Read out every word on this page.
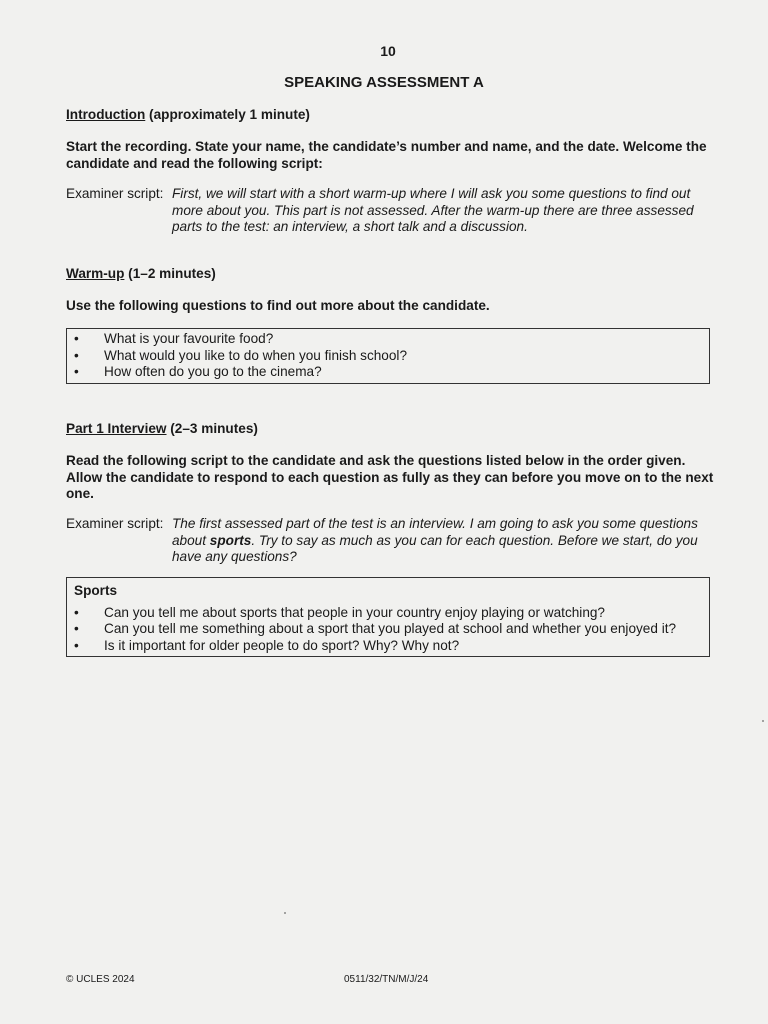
10
SPEAKING ASSESSMENT A
Introduction (approximately 1 minute)
Start the recording. State your name, the candidate’s number and name, and the date. Welcome the candidate and read the following script:
Examiner script: First, we will start with a short warm-up where I will ask you some questions to find out more about you. This part is not assessed. After the warm-up there are three assessed parts to the test: an interview, a short talk and a discussion.
Warm-up (1–2 minutes)
Use the following questions to find out more about the candidate.
• What is your favourite food?
• What would you like to do when you finish school?
• How often do you go to the cinema?
Part 1 Interview (2–3 minutes)
Read the following script to the candidate and ask the questions listed below in the order given. Allow the candidate to respond to each question as fully as they can before you move on to the next one.
Examiner script: The first assessed part of the test is an interview. I am going to ask you some questions about sports. Try to say as much as you can for each question. Before we start, do you have any questions?
Sports
• Can you tell me about sports that people in your country enjoy playing or watching?
• Can you tell me something about a sport that you played at school and whether you enjoyed it?
• Is it important for older people to do sport? Why? Why not?
© UCLES 2024	0511/32/TN/M/J/24
